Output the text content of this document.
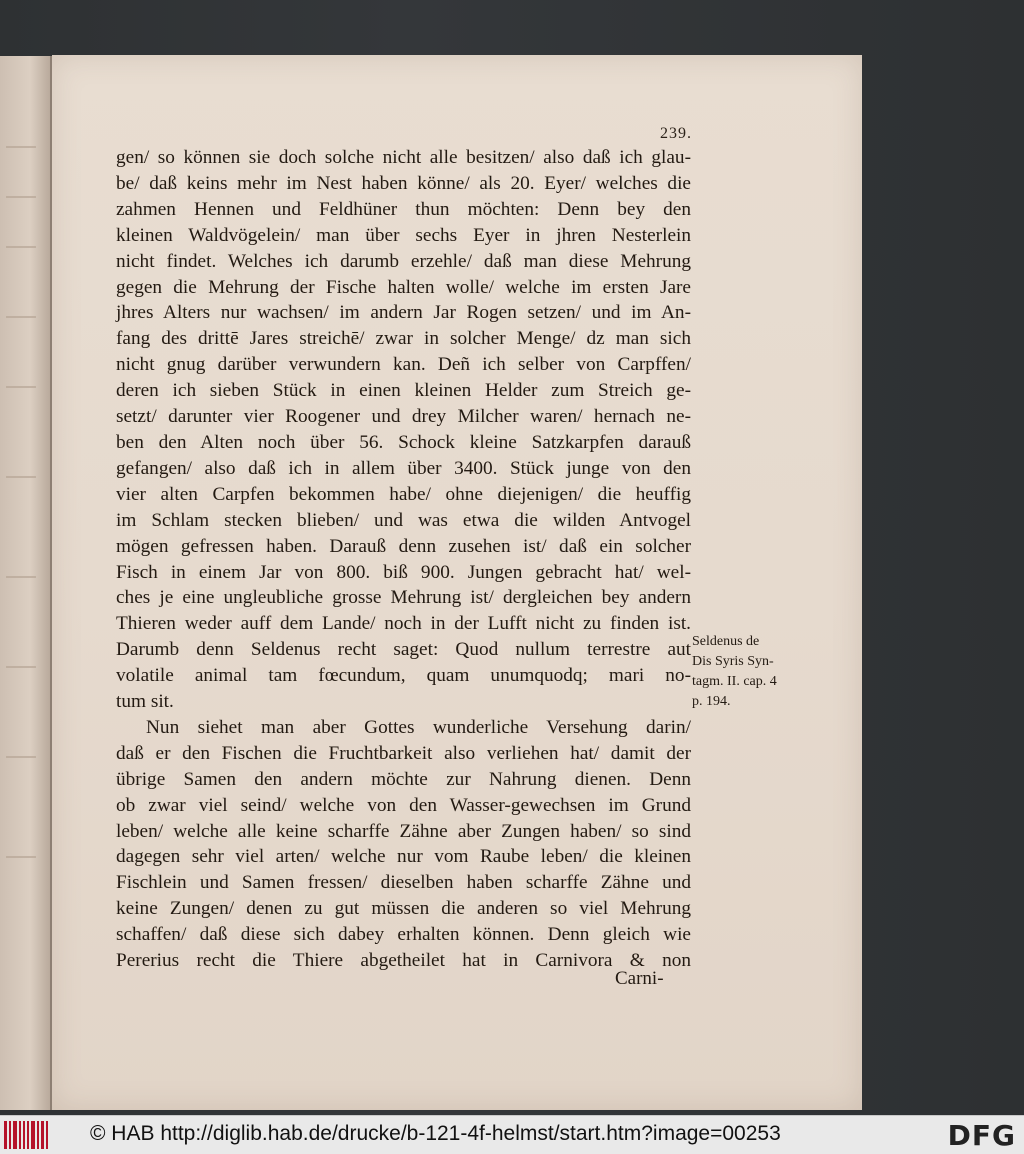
239.
gen/ so können sie doch solche nicht alle besitzen/ also daß ich glau-
be/ daß keins mehr im Nest haben könne/ als 20. Eyer/ welches die
zahmen Hennen und Feldhüner thun möchten: Denn bey den
kleinen Waldvögelein/ man über sechs Eyer in jhren Nesterlein
nicht findet. Welches ich darumb erzehle/ daß man diese Mehrung
gegen die Mehrung der Fische halten wolle/ welche im ersten Jare
jhres Alters nur wachsen/ im andern Jar Rogen setzen/ und im An-
fang des drittē Jares streichē/ zwar in solcher Menge/ dz man sich
nicht gnug darüber verwundern kan. Deñ ich selber von Carpffen/
deren ich sieben Stück in einen kleinen Helder zum Streich ge-
setzt/ darunter vier Roogener und drey Milcher waren/ hernach ne-
ben den Alten noch über 56. Schock kleine Satzkarpfen darauß
gefangen/ also daß ich in allem über 3400. Stück junge von den
vier alten Carpfen bekommen habe/ ohne diejenigen/ die heuffig
im Schlam stecken blieben/ und was etwa die wilden Antvogel
mögen gefressen haben. Darauß denn zusehen ist/ daß ein solcher
Fisch in einem Jar von 800. biß 900. Jungen gebracht hat/ wel-
ches je eine ungleubliche grosse Mehrung ist/ dergleichen bey andern
Thieren weder auff dem Lande/ noch in der Lufft nicht zu finden ist.
Darumb denn Seldenus recht saget: Quod nullum terrestre aut
volatile animal tam fœcundum, quam unumquodq; mari no-
tum sit.
Nun siehet man aber Gottes wunderliche Versehung darin/
daß er den Fischen die Fruchtbarkeit also verliehen hat/ damit der
übrige Samen den andern möchte zur Nahrung dienen. Denn
ob zwar viel seind/ welche von den Wasser-gewechsen im Grund
leben/ welche alle keine scharffe Zähne aber Zungen haben/ so sind
dagegen sehr viel arten/ welche nur vom Raube leben/ die kleinen
Fischlein und Samen fressen/ dieselben haben scharffe Zähne und
keine Zungen/ denen zu gut müssen die anderen so viel Mehrung
schaffen/ daß diese sich dabey erhalten können. Denn gleich wie
Pererius recht die Thiere abgetheilet hat in Carnivora & non
Carni-
Seldenus de
Dis Syris Syn-
tagm. II. cap. 4
p. 194.
© HAB http://diglib.hab.de/drucke/b-121-4f-helmst/start.htm?image=00253	DFG
